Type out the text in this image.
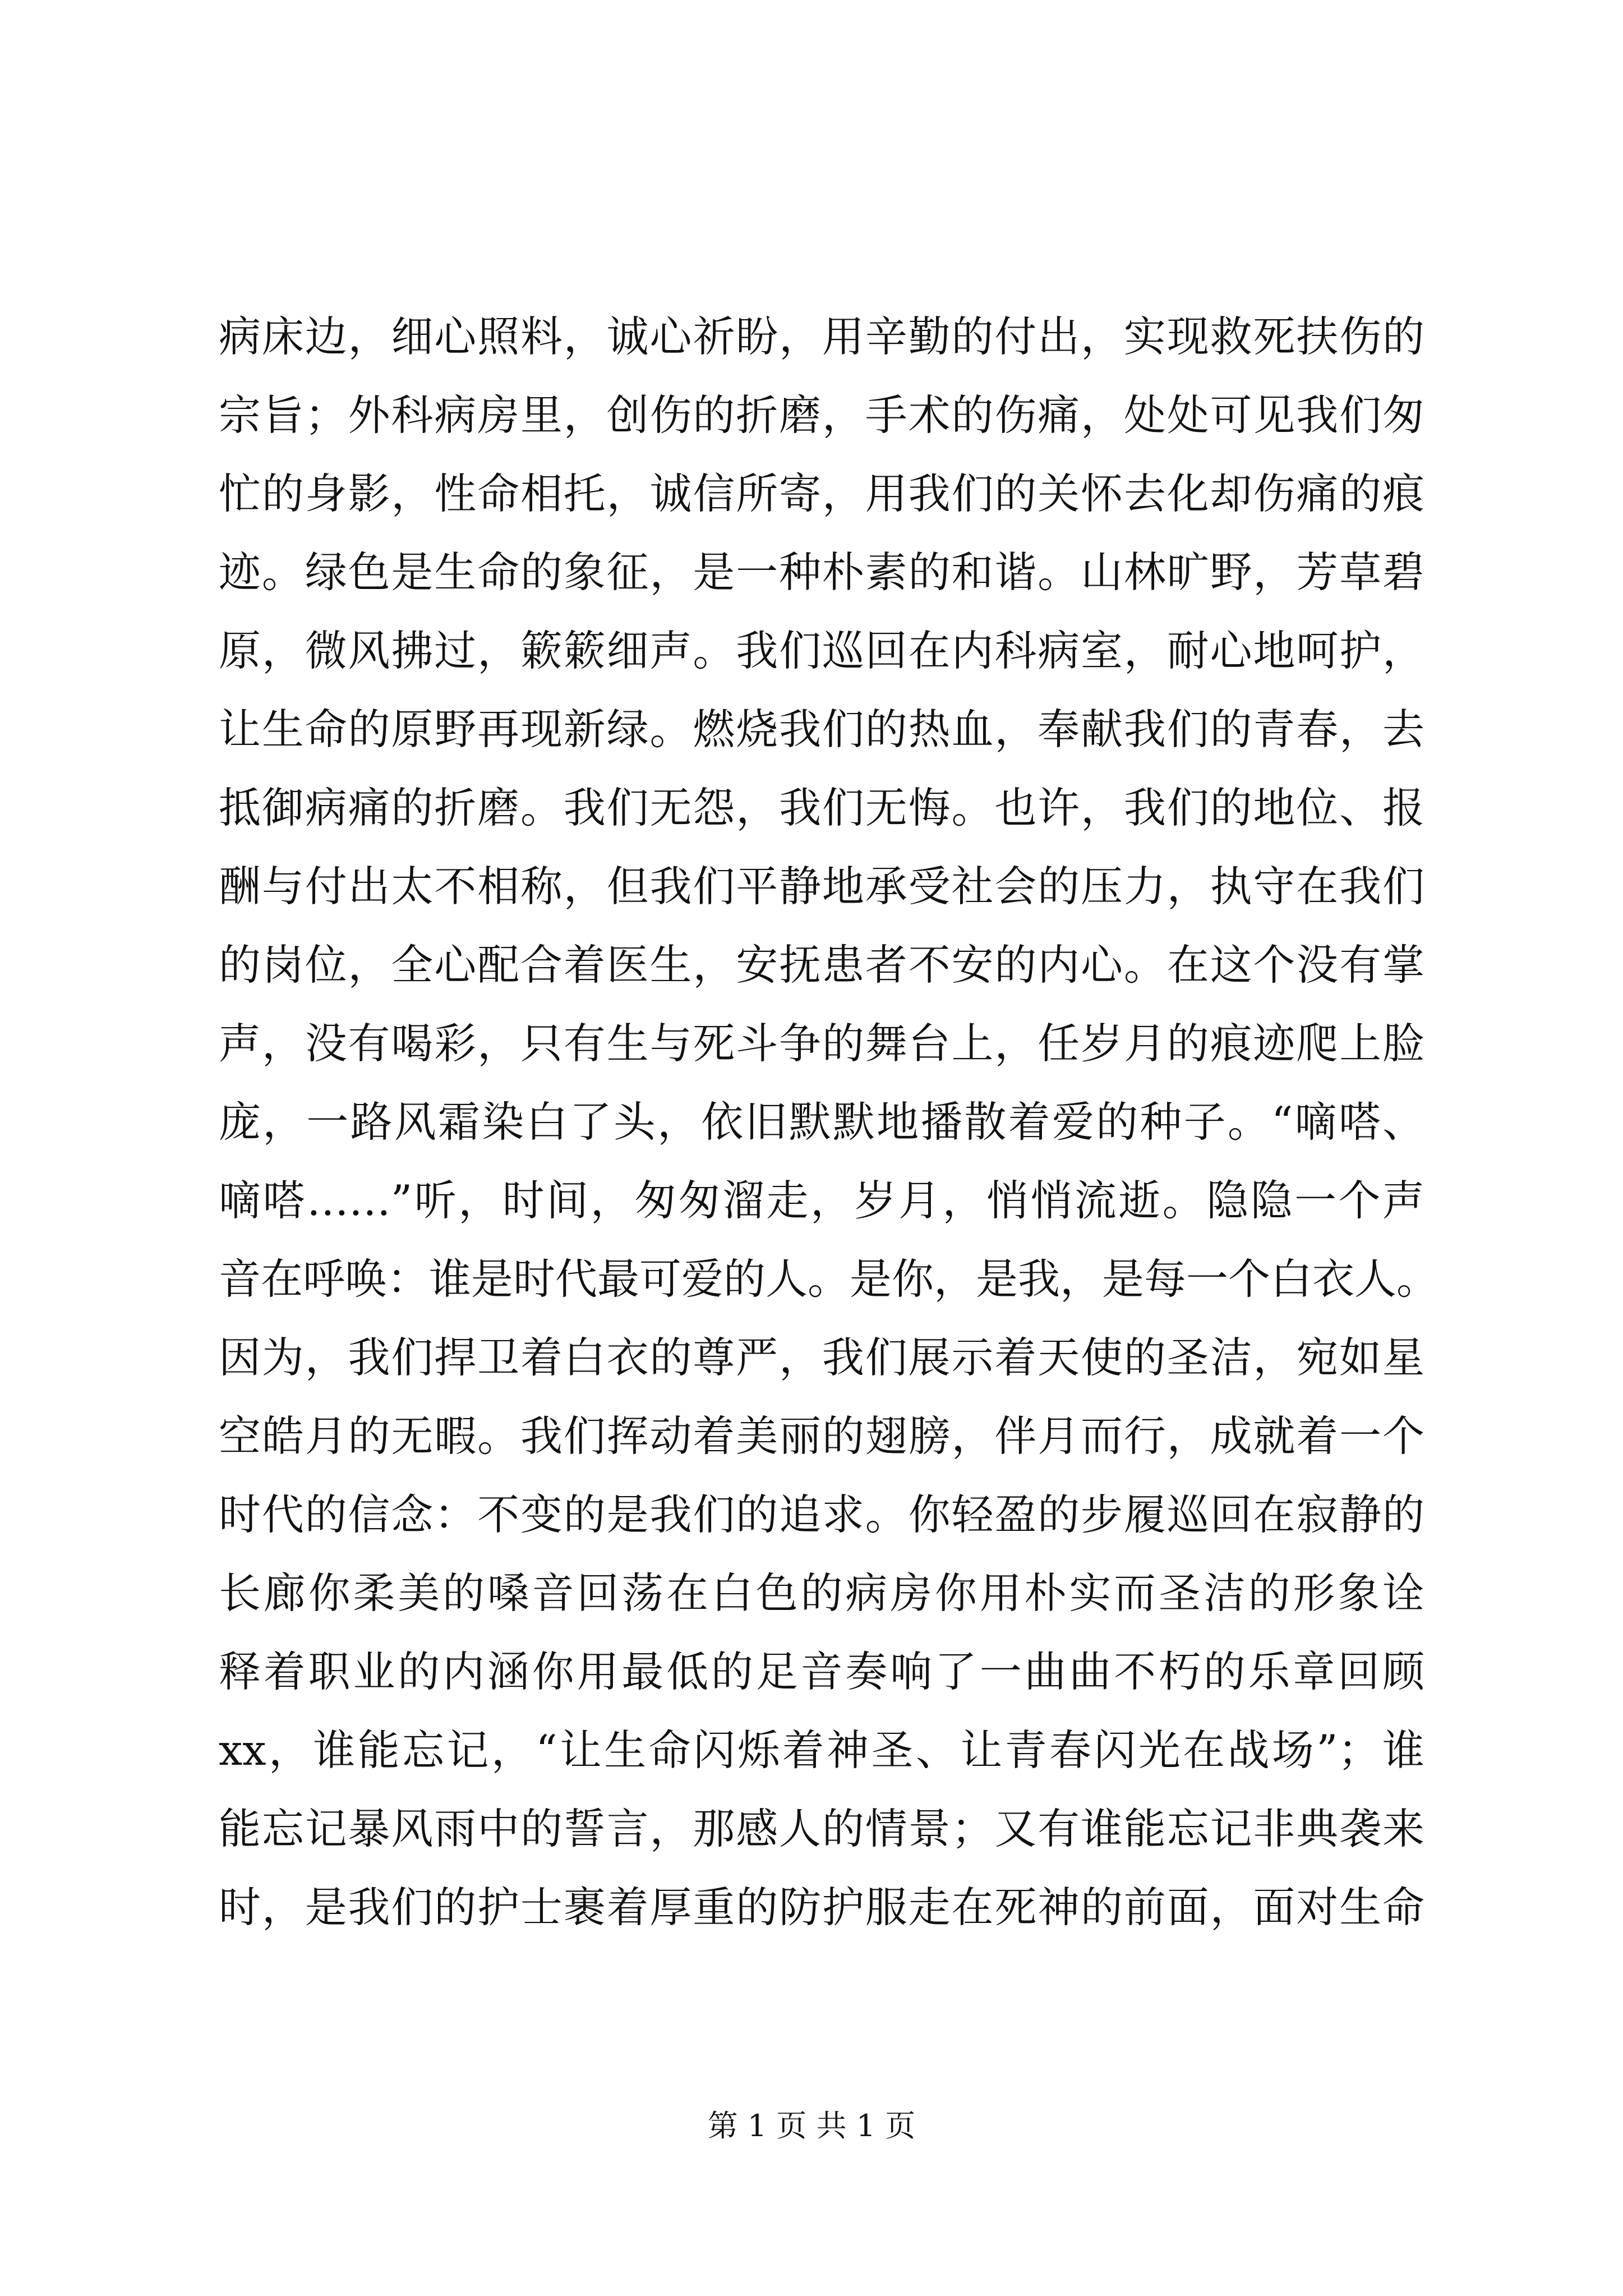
病床边，细心照料，诚心祈盼，用辛勤的付出，实现救死扶伤的
宗旨；外科病房里，创伤的折磨，手术的伤痛，处处可见我们匆
忙的身影，性命相托，诚信所寄，用我们的关怀去化却伤痛的痕
迹。绿色是生命的象征，是一种朴素的和谐。山林旷野，芳草碧
原，微风拂过，簌簌细声。我们巡回在内科病室，耐心地呵护，
让生命的原野再现新绿。燃烧我们的热血，奉献我们的青春，去
抵御病痛的折磨。我们无怨，我们无悔。也许，我们的地位、报
酬与付出太不相称，但我们平静地承受社会的压力，执守在我们
的岗位，全心配合着医生，安抚患者不安的内心。在这个没有掌
声，没有喝彩，只有生与死斗争的舞台上，任岁月的痕迹爬上脸
庞，一路风霜染白了头，依旧默默地播散着爱的种子。“嘀嗒、
嘀嗒……”听，时间，匆匆溜走，岁月，悄悄流逝。隐隐一个声
音在呼唤：谁是时代最可爱的人。是你，是我，是每一个白衣人。
因为，我们捍卫着白衣的尊严，我们展示着天使的圣洁，宛如星
空皓月的无暇。我们挥动着美丽的翅膀，伴月而行，成就着一个
时代的信念：不变的是我们的追求。你轻盈的步履巡回在寂静的
长廊你柔美的嗓音回荡在白色的病房你用朴实而圣洁的形象诠
释着职业的内涵你用最低的足音奏响了一曲曲不朽的乐章回顾
xx，谁能忘记，“让生命闪烁着神圣、让青春闪光在战场”；谁
能忘记暴风雨中的誓言，那感人的情景；又有谁能忘记非典袭来
时，是我们的护士裹着厚重的防护服走在死神的前面，面对生命
第 1 页 共 1 页
